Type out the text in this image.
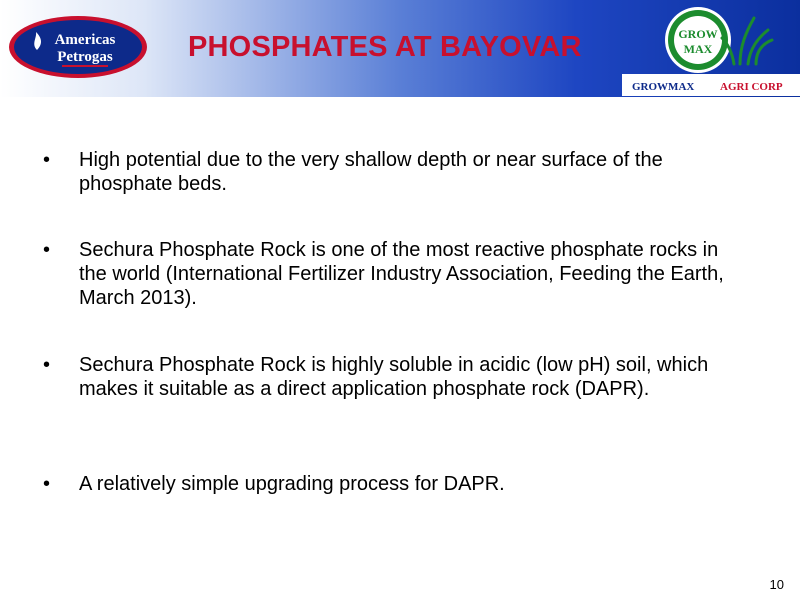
Americas
Petrogas	PHOSPHATES AT BAYOVAR	GROW
MAX
GROWMAX AGRI CORP
• High potential due to the very shallow depth or near surface of the phosphate beds.
• Sechura Phosphate Rock is one of the most reactive phosphate rocks in the world (International Fertilizer Industry Association, Feeding the Earth, March 2013).
• Sechura Phosphate Rock is highly soluble in acidic (low pH) soil, which makes it suitable as a direct application phosphate rock (DAPR).
• A relatively simple upgrading process for DAPR.
10
